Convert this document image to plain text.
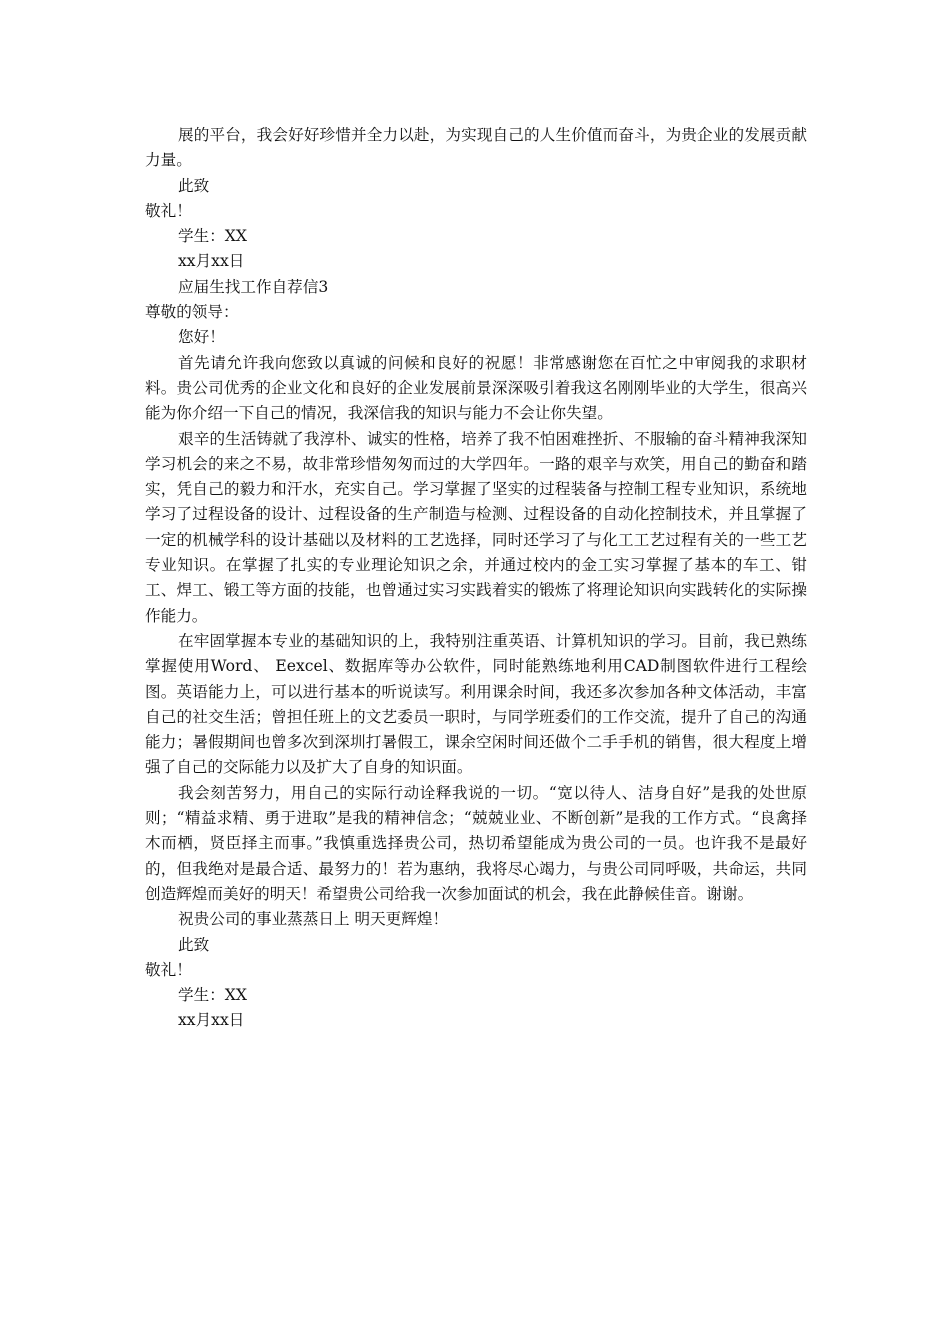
展的平台，我会好好珍惜并全力以赴，为实现自己的人生价值而奋斗，为贵企业的发展贡献力量。

此致

敬礼！

学生：XX

xx月xx日

应届生找工作自荐信3

尊敬的领导：

您好！

首先请允许我向您致以真诚的问候和良好的祝愿！非常感谢您在百忙之中审阅我的求职材料。贵公司优秀的企业文化和良好的企业发展前景深深吸引着我这名刚刚毕业的大学生，很高兴能为你介绍一下自己的情况，我深信我的知识与能力不会让你失望。

艰辛的生活铸就了我淳朴、诚实的性格，培养了我不怕困难挫折、不服输的奋斗精神我深知学习机会的来之不易，故非常珍惜匆匆而过的大学四年。一路的艰辛与欢笑，用自己的勤奋和踏实，凭自己的毅力和汗水，充实自己。学习掌握了坚实的过程装备与控制工程专业知识，系统地学习了过程设备的设计、过程设备的生产制造与检测、过程设备的自动化控制技术，并且掌握了一定的机械学科的设计基础以及材料的工艺选择，同时还学习了与化工工艺过程有关的一些工艺专业知识。在掌握了扎实的专业理论知识之余，并通过校内的金工实习掌握了基本的车工、钳工、焊工、锻工等方面的技能，也曾通过实习实践着实的锻炼了将理论知识向实践转化的实际操作能力。

在牢固掌握本专业的基础知识的上，我特别注重英语、计算机知识的学习。目前，我已熟练掌握使用Word、 Eexcel、数据库等办公软件，同时能熟练地利用CAD制图软件进行工程绘图。英语能力上，可以进行基本的听说读写。利用课余时间，我还多次参加各种文体活动，丰富自己的社交生活；曾担任班上的文艺委员一职时，与同学班委们的工作交流，提升了自己的沟通能力；暑假期间也曾多次到深圳打暑假工，课余空闲时间还做个二手手机的销售，很大程度上增强了自己的交际能力以及扩大了自身的知识面。

我会刻苦努力，用自己的实际行动诠释我说的一切。“宽以待人、洁身自好”是我的处世原则；“精益求精、勇于进取”是我的精神信念；“兢兢业业、不断创新”是我的工作方式。“良禽择木而栖，贤臣择主而事。”我慎重选择贵公司，热切希望能成为贵公司的一员。也许我不是最好的，但我绝对是最合适、最努力的！若为惠纳，我将尽心竭力，与贵公司同呼吸，共命运，共同创造辉煌而美好的明天！希望贵公司给我一次参加面试的机会，我在此静候佳音。谢谢。

祝贵公司的事业蒸蒸日上 明天更辉煌！

此致

敬礼！

学生：XX

xx月xx日
